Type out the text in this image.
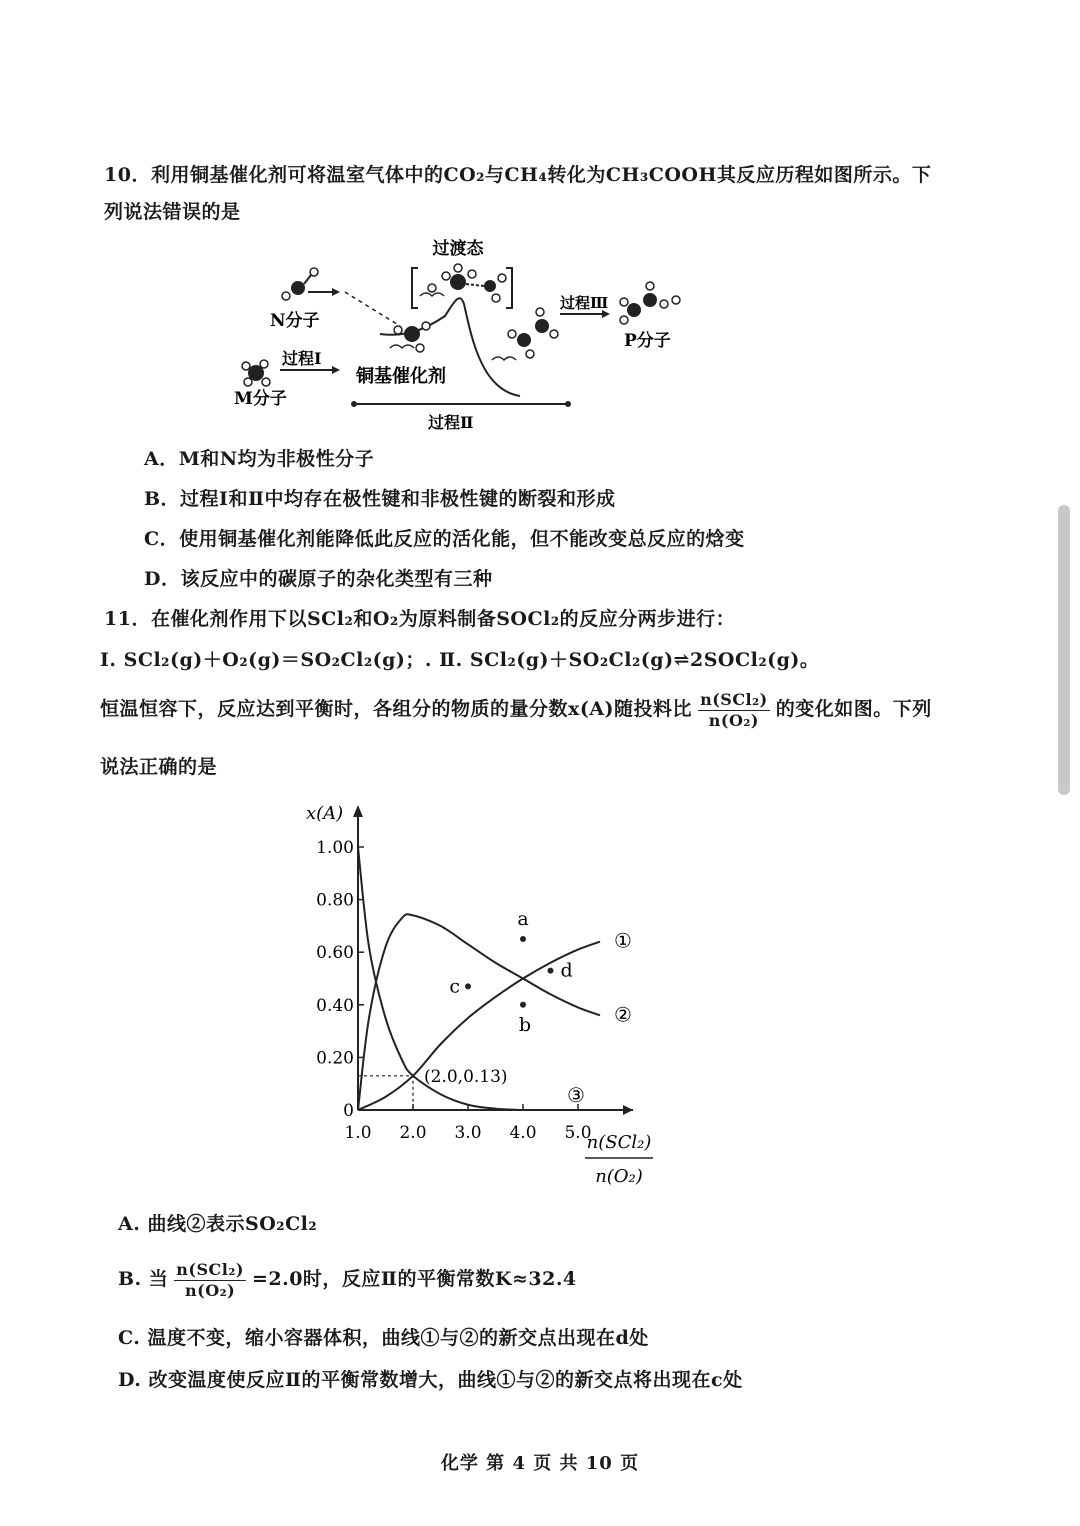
10．利用铜基催化剂可将温室气体中的CO₂与CH₄转化为CH₃COOH其反应历程如图所示。下
列说法错误的是
过渡态
N分子
M分子
过程Ⅰ
铜基催化剂
过程Ⅱ
过程Ⅲ
P分子
A．M和N均为非极性分子
B．过程Ⅰ和Ⅱ中均存在极性键和非极性键的断裂和形成
C．使用铜基催化剂能降低此反应的活化能，但不能改变总反应的焓变
D．该反应中的碳原子的杂化类型有三种
11．在催化剂作用下以SCl₂和O₂为原料制备SOCl₂的反应分两步进行：
Ⅰ. SCl₂(g)＋O₂(g)＝SO₂Cl₂(g)；. Ⅱ. SCl₂(g)＋SO₂Cl₂(g)⇌2SOCl₂(g)。
恒温恒容下，反应达到平衡时，各组分的物质的量分数x(A)随投料比 $\frac{\text{n(SCl₂)}}{\text{n(O₂)}}$ 的变化如图。下列
说法正确的是
x(A)
0
0.20
0.40
0.60
0.80
1.00
1.0 2.0 3.0 4.0 5.0
n(SCl₂)
n(O₂)
(2.0,0.13)
①
②
③
a
b
c
d
A. 曲线②表示SO₂Cl₂
B. 当 $\frac{\text{n(SCl₂)}}{\text{n(O₂)}} =2.0$时，反应Ⅱ的平衡常数K≈32.4
C. 温度不变，缩小容器体积，曲线①与②的新交点出现在d处
D. 改变温度使反应Ⅱ的平衡常数增大，曲线①与②的新交点将出现在c处
化学 第 4 页 共 10 页
